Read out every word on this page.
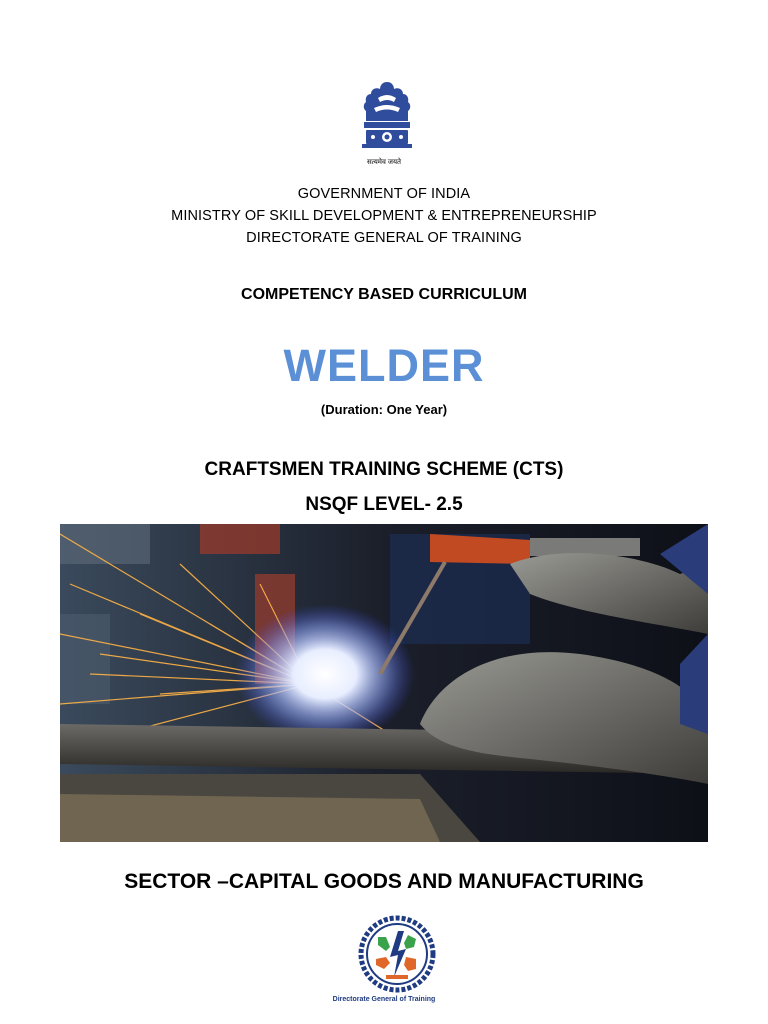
सत्यमेव जयते
GOVERNMENT OF INDIA
MINISTRY OF SKILL DEVELOPMENT & ENTREPRENEURSHIP
DIRECTORATE GENERAL OF TRAINING
COMPETENCY BASED CURRICULUM
WELDER
(Duration: One Year)
CRAFTSMEN TRAINING SCHEME (CTS)
NSQF LEVEL- 2.5
SECTOR –CAPITAL GOODS AND MANUFACTURING
Directorate General of Training
